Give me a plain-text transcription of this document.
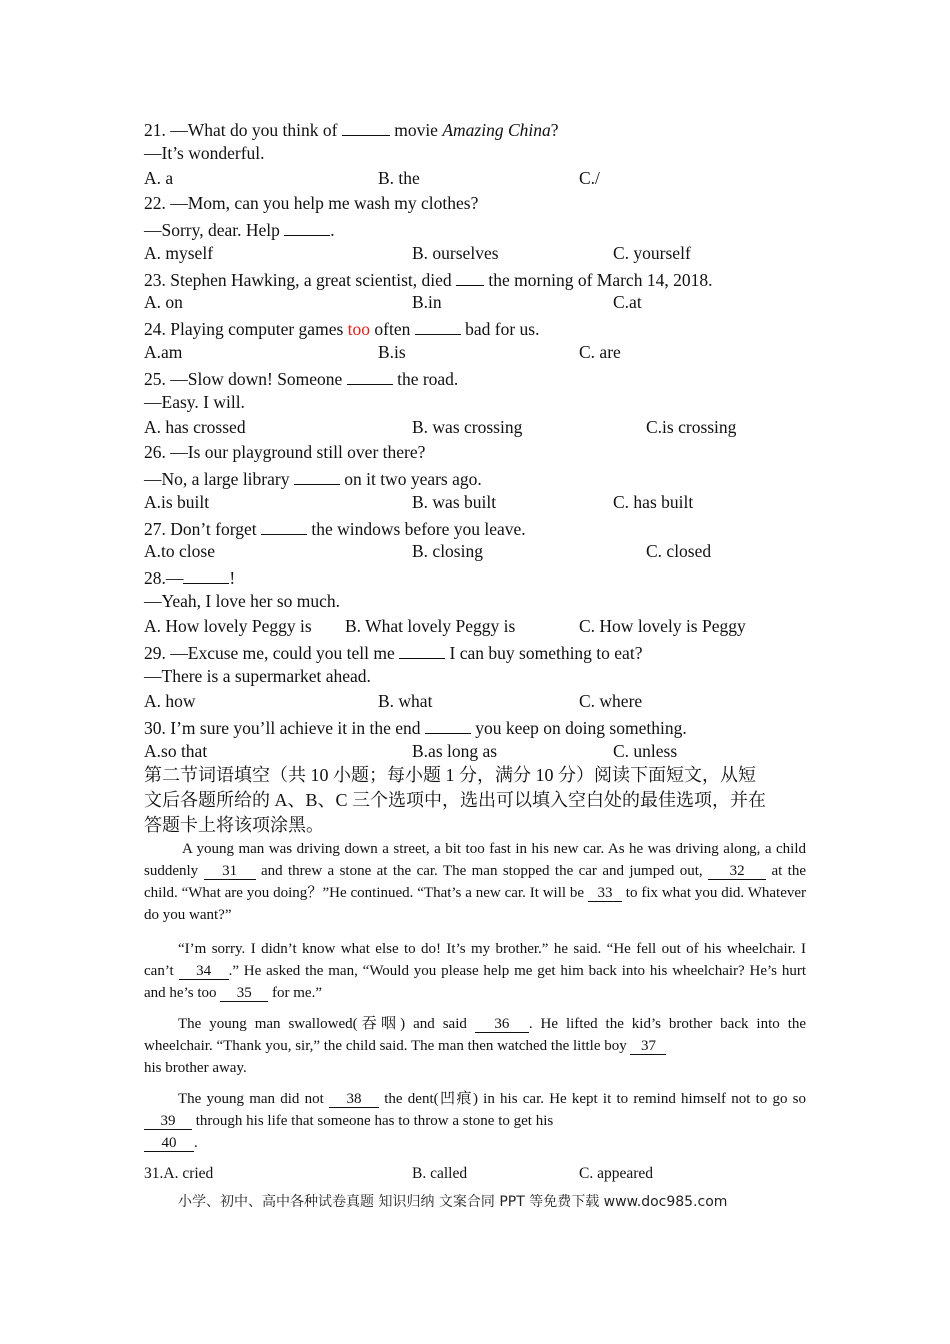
21. —What do you think of	movie Amazing China?
—It’s wonderful.
A. a	B. the	C./
22. —Mom, can you help me wash my clothes?
—Sorry, dear. Help	.
A. myself	B. ourselves	C. yourself
23. Stephen Hawking, a great scientist, died the morning of March 14, 2018.
A. on	B.in	C.at
24. Playing computer games too often	bad for us.
A.am	B.is	C. are
25. —Slow down! Someone	the road.
—Easy. I will.
A. has crossed	B. was crossing	C.is crossing
26. —Is our playground still over there?
—No, a large library	on it two years ago.
A.is built	B. was built	C. has built
27. Don’t forget	the windows before you leave.
A.to close	B. closing	C. closed
28.—	!
—Yeah, I love her so much.
A. How lovely Peggy is B. What lovely Peggy is	C. How lovely is Peggy
29. —Excuse me, could you tell me	I can buy something to eat?
—There is a supermarket ahead.
A. how	B. what	C. where
30. I’m sure you’ll achieve it in the end	you keep on doing something.
A.so that	B.as long as	C. unless
第二节词语填空（共 10 小题；每小题 1 分，满分 10 分）阅读下面短文，从短
文后各题所给的 A、B、C 三个选项中，选出可以填入空白处的最佳选项，并在
答题卡上将该项涂黑。
A young man was driving down a street, a bit too fast in his new car. As he was driving along, a child suddenly 31 and threw a stone at the car. The man stopped the car and jumped out, 32 at the child. “What are you doing？”He continued. “That’s a new car. It will be 33 to fix what you did. Whatever do you want?”
“I’m sorry. I didn’t know what else to do! It’s my brother.” he said. “He fell out of his wheelchair. I can’t 34 .” He asked the man, “Would you please help me get him back into his wheelchair? He’s hurt and he’s too 35 for me.”
The young man swallowed(吞咽) and said 36 . He lifted the kid’s brother back into the wheelchair. “Thank you, sir,” the child said. The man then watched the little boy 37
his brother away.
The young man did not 38 the dent(凹痕) in his car. He kept it to remind himself not to go so 39 through his life that someone has to throw a stone to get his
40 .
31.A. cried	B. called	C. appeared
小学、初中、高中各种试卷真题 知识归纳 文案合同 PPT 等免费下载 www.doc985.com
